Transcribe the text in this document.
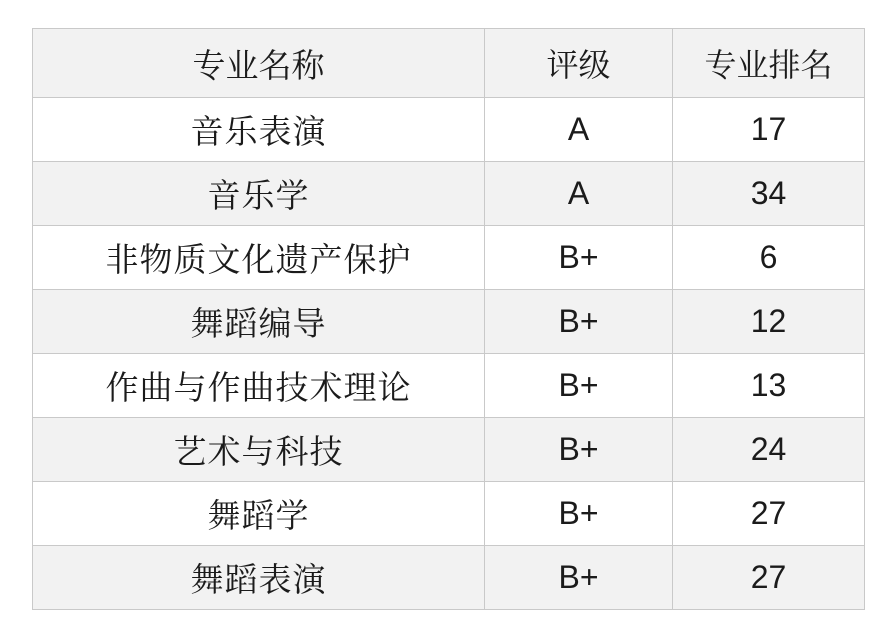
专业名称	评级	专业排名
音乐表演	A	17
音乐学	A	34
非物质文化遗产保护	B+	6
舞蹈编导	B+	12
作曲与作曲技术理论	B+	13
艺术与科技	B+	24
舞蹈学	B+	27
舞蹈表演	B+	27
